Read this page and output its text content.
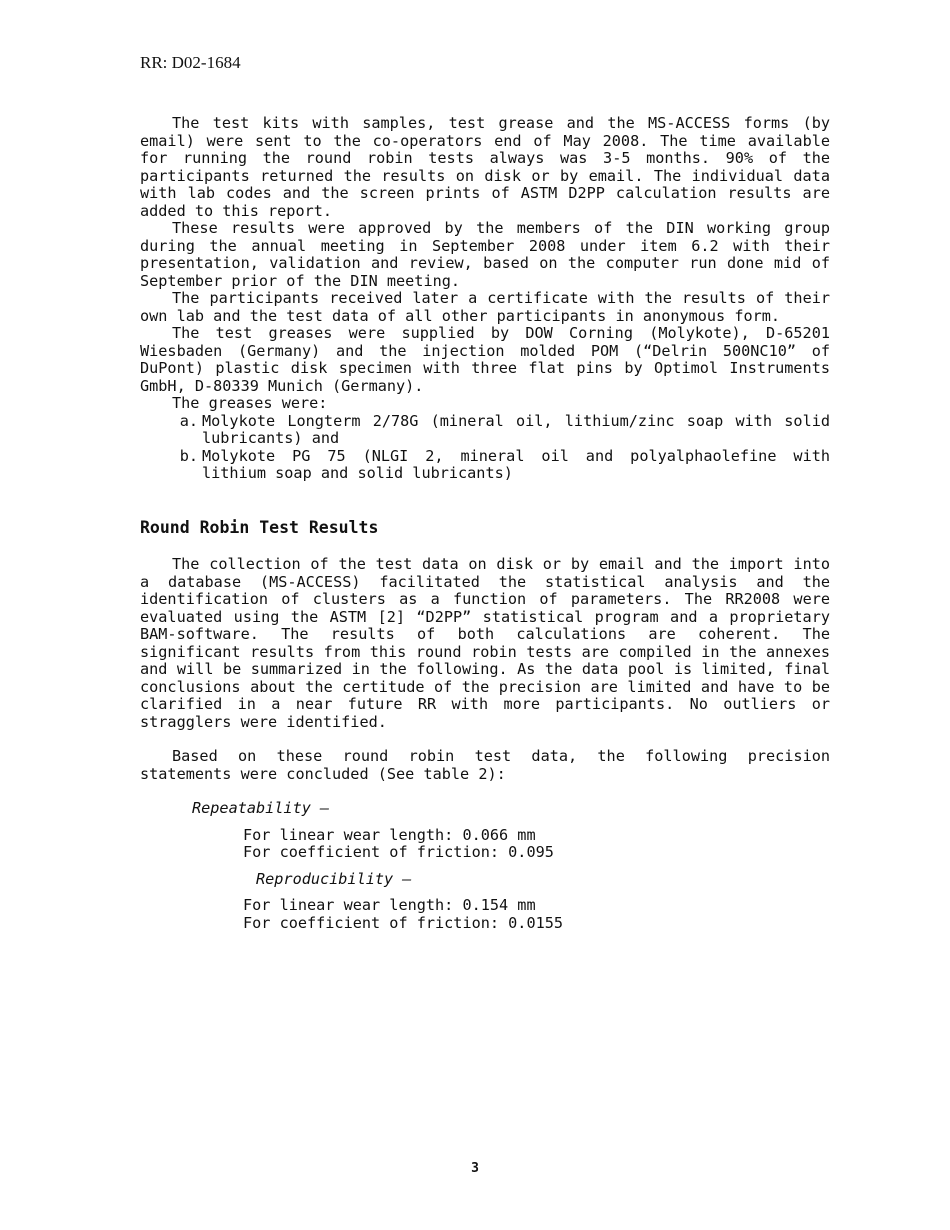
RR: D02-1684

The test kits with samples, test grease and the MS-ACCESS forms (by email) were sent to the co-operators end of May 2008. The time available for running the round robin tests always was 3-5 months. 90% of the participants returned the results on disk or by email. The individual data with lab codes and the screen prints of ASTM D2PP calculation results are added to this report.

These results were approved by the members of the DIN working group during the annual meeting in September 2008 under item 6.2 with their presentation, validation and review, based on the computer run done mid of September prior of the DIN meeting.

The participants received later a certificate with the results of their own lab and the test data of all other participants in anonymous form.

The test greases were supplied by DOW Corning (Molykote), D-65201 Wiesbaden (Germany) and the injection molded POM (“Delrin 500NC10” of DuPont) plastic disk specimen with three flat pins by Optimol Instruments GmbH, D-80339 Munich (Germany).

The greases were:

a. Molykote Longterm 2/78G (mineral oil, lithium/zinc soap with solid lubricants) and
b. Molykote PG 75 (NLGI 2, mineral oil and polyalphaolefine with lithium soap and solid lubricants)
Round Robin Test Results

The collection of the test data on disk or by email and the import into a database (MS-ACCESS) facilitated the statistical analysis and the identification of clusters as a function of parameters. The RR2008 were evaluated using the ASTM [2] “D2PP” statistical program and a proprietary BAM-software. The results of both calculations are coherent. The significant results from this round robin tests are compiled in the annexes and will be summarized in the following. As the data pool is limited, final conclusions about the certitude of the precision are limited and have to be clarified in a near future RR with more participants. No outliers or stragglers were identified.

Based on these round robin test data, the following precision statements were concluded (See table 2):

Repeatability –
For linear wear length: 0.066 mm
For coefficient of friction: 0.095
Reproducibility –
For linear wear length: 0.154 mm
For coefficient of friction: 0.0155
3
